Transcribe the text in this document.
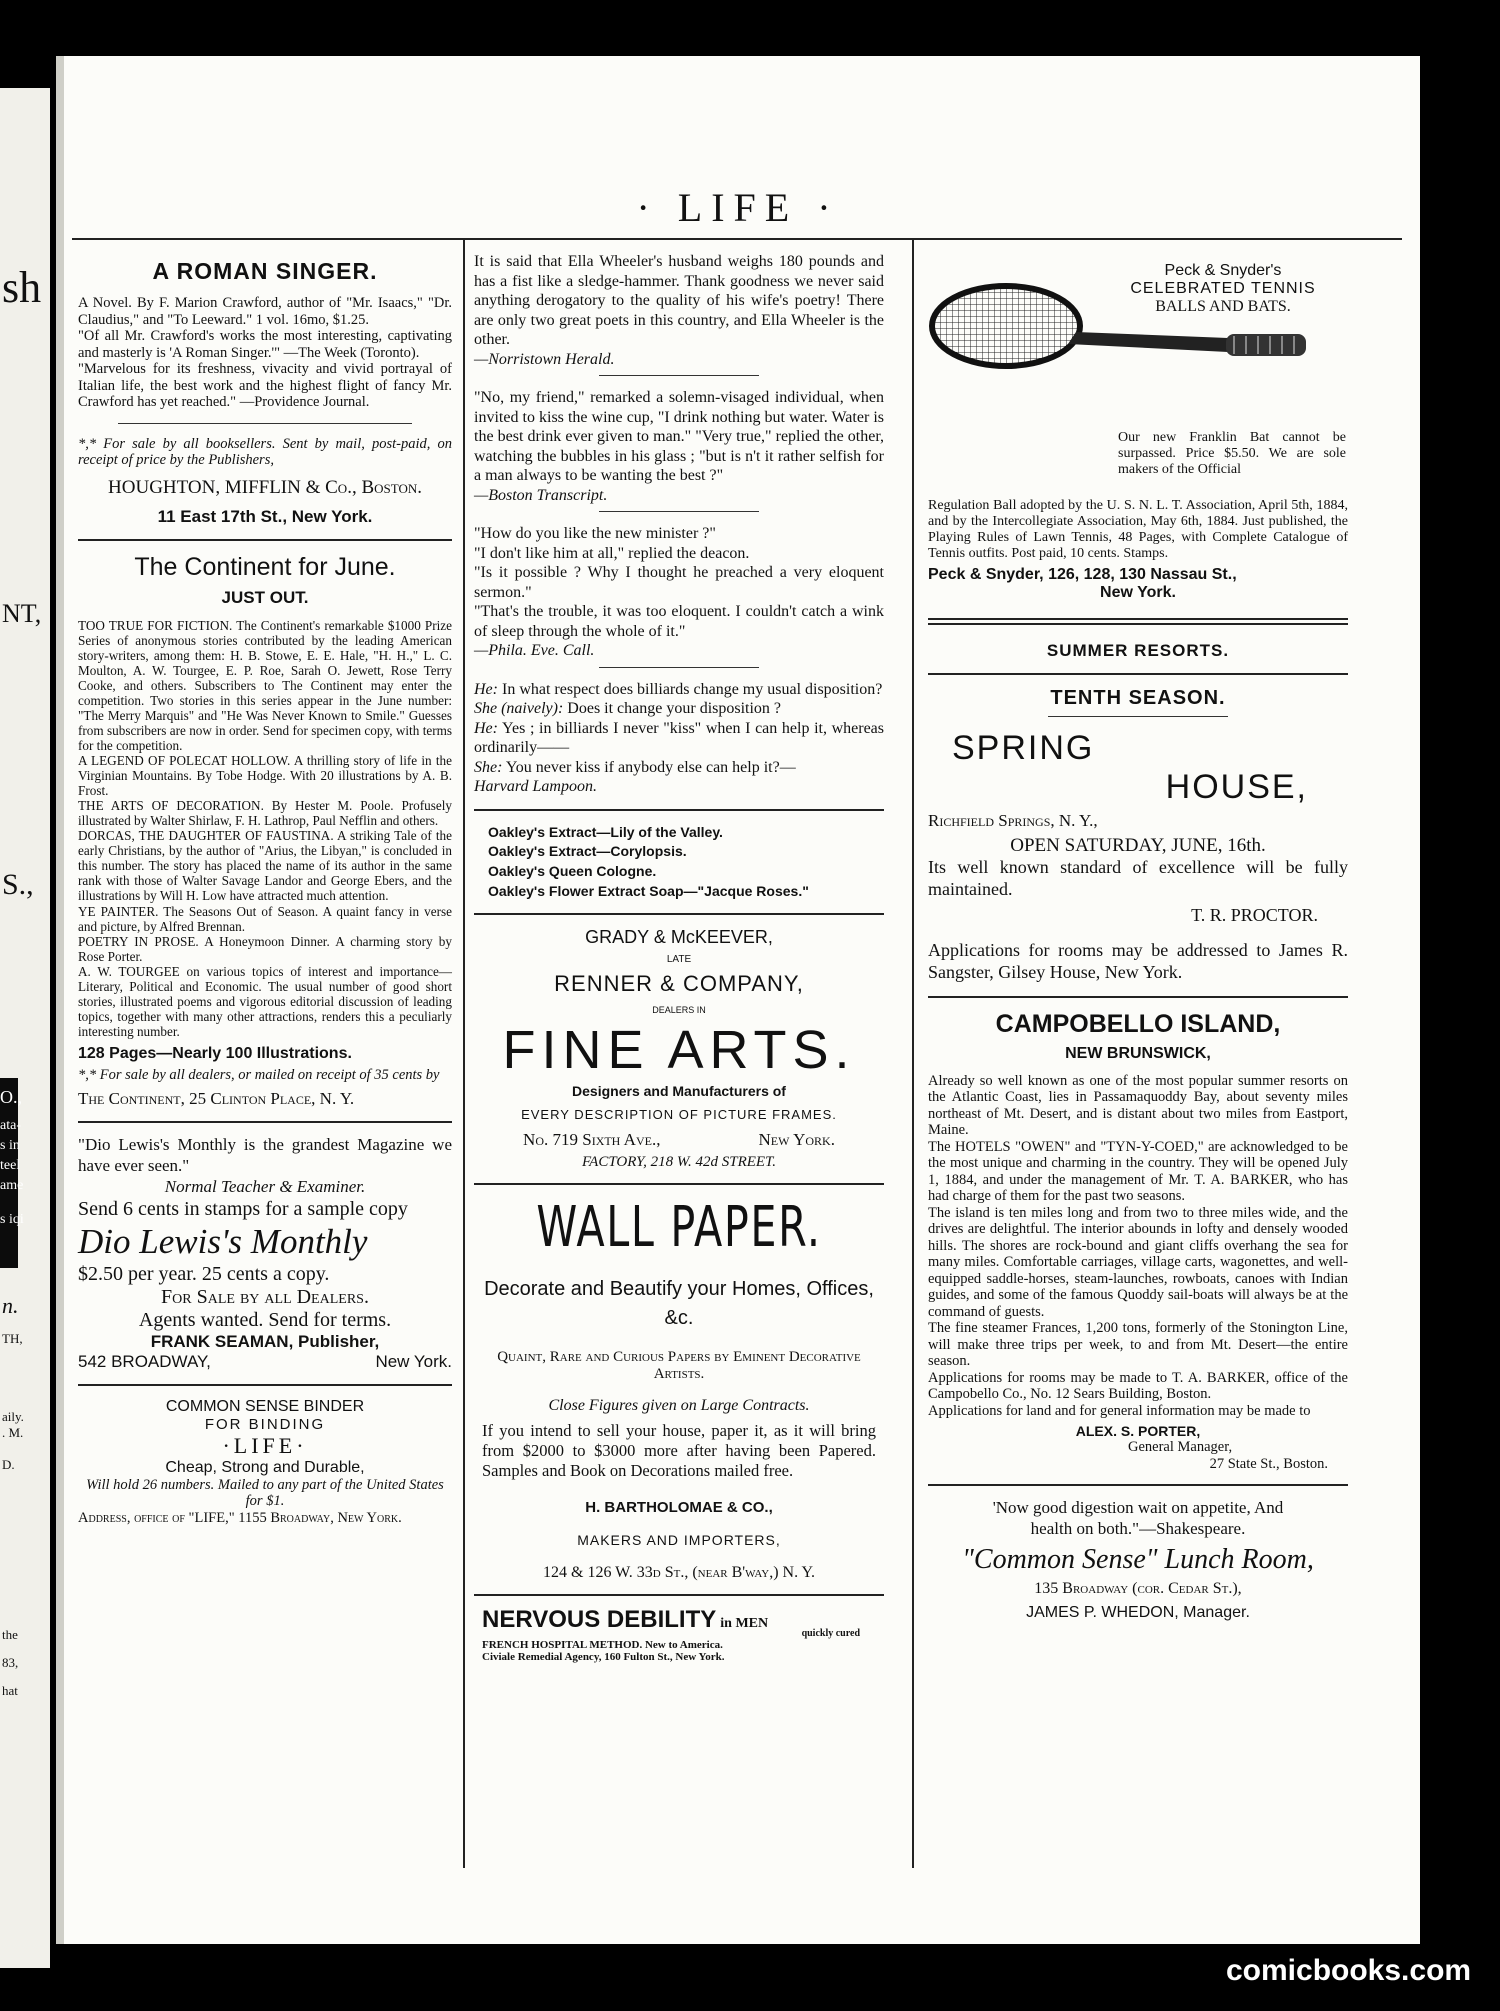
sh
NT,
S.,
O.,
ata-
s in
teel
ame
s iqi
n.
TH,
aily.
. M.
D.
the
83,
hat
· LIFE ·

A ROMAN SINGER.

A Novel. By F. Marion Crawford, author of "Mr. Isaacs," "Dr. Claudius," and "To Leeward." 1 vol. 16mo, $1.25.

"Of all Mr. Crawford's works the most interesting, captivating and masterly is 'A Roman Singer.'" —The Week (Toronto).

"Marvelous for its freshness, vivacity and vivid portrayal of Italian life, the best work and the highest flight of fancy Mr. Crawford has yet reached." —Providence Journal.

*,* For sale by all booksellers. Sent by mail, post-paid, on receipt of price by the Publishers,

HOUGHTON, MIFFLIN & Co., Boston.

11 East 17th St., New York.

The Continent for June.

JUST OUT.

TOO TRUE FOR FICTION. The Continent's remarkable $1000 Prize Series of anonymous stories contributed by the leading American story-writers, among them: H. B. Stowe, E. E. Hale, "H. H.," L. C. Moulton, A. W. Tourgee, E. P. Roe, Sarah O. Jewett, Rose Terry Cooke, and others. Subscribers to The Continent may enter the competition. Two stories in this series appear in the June number: "The Merry Marquis" and "He Was Never Known to Smile." Guesses from subscribers are now in order. Send for specimen copy, with terms for the competition.

A LEGEND OF POLECAT HOLLOW. A thrilling story of life in the Virginian Mountains. By Tobe Hodge. With 20 illustrations by A. B. Frost.

THE ARTS OF DECORATION. By Hester M. Poole. Profusely illustrated by Walter Shirlaw, F. H. Lathrop, Paul Nefflin and others.

DORCAS, THE DAUGHTER OF FAUSTINA. A striking Tale of the early Christians, by the author of "Arius, the Libyan," is concluded in this number. The story has placed the name of its author in the same rank with those of Walter Savage Landor and George Ebers, and the illustrations by Will H. Low have attracted much attention.

YE PAINTER. The Seasons Out of Season. A quaint fancy in verse and picture, by Alfred Brennan.

POETRY IN PROSE. A Honeymoon Dinner. A charming story by Rose Porter.

A. W. TOURGEE on various topics of interest and importance—Literary, Political and Economic. The usual number of good short stories, illustrated poems and vigorous editorial discussion of leading topics, together with many other attractions, renders this a peculiarly interesting number.

128 Pages—Nearly 100 Illustrations.

*,* For sale by all dealers, or mailed on receipt of 35 cents by

The Continent, 25 Clinton Place, N. Y.

"Dio Lewis's Monthly is the grandest Magazine we have ever seen."

Normal Teacher & Examiner.

Send 6 cents in stamps for a sample copy

Dio Lewis's Monthly

$2.50 per year. 25 cents a copy.

For Sale by all Dealers.

Agents wanted. Send for terms.

FRANK SEAMAN, Publisher,

542 BROADWAY,	New York.

COMMON SENSE BINDER

FOR BINDING

·LIFE·

Cheap, Strong and Durable,

Will hold 26 numbers. Mailed to any part of the United States for $1.

Address, office of "LIFE," 1155 Broadway, New York.

It is said that Ella Wheeler's husband weighs 180 pounds and has a fist like a sledge-hammer. Thank goodness we never said anything derogatory to the quality of his wife's poetry! There are only two great poets in this country, and Ella Wheeler is the other.

—Norristown Herald.

"No, my friend," remarked a solemn-visaged individual, when invited to kiss the wine cup, "I drink nothing but water. Water is the best drink ever given to man." "Very true," replied the other, watching the bubbles in his glass ; "but is n't it rather selfish for a man always to be wanting the best ?"

—Boston Transcript.

"How do you like the new minister ?"

"I don't like him at all," replied the deacon.

"Is it possible ? Why I thought he preached a very eloquent sermon."

"That's the trouble, it was too eloquent. I couldn't catch a wink of sleep through the whole of it."

—Phila. Eve. Call.

He: In what respect does billiards change my usual disposition?

She (naively): Does it change your disposition ?

He: Yes ; in billiards I never "kiss" when I can help it, whereas ordinarily——

She: You never kiss if anybody else can help it?—

Harvard Lampoon.

Oakley's Extract—Lily of the Valley.

Oakley's Extract—Corylopsis.

Oakley's Queen Cologne.

Oakley's Flower Extract Soap—"Jacque Roses."

GRADY & McKEEVER,

LATE

RENNER & COMPANY,

DEALERS IN

FINE ARTS.

Designers and Manufacturers of

EVERY DESCRIPTION OF PICTURE FRAMES.

No. 719 Sixth Ave.,	New York.

FACTORY, 218 W. 42d STREET.

WALL PAPER.

Decorate and Beautify your Homes, Offices, &c.

Quaint, Rare and Curious Papers by Eminent Decorative Artists.

Close Figures given on Large Contracts.

If you intend to sell your house, paper it, as it will bring from $2000 to $3000 more after having been Papered. Samples and Book on Decorations mailed free.

H. BARTHOLOMAE & CO.,

MAKERS AND IMPORTERS,

124 & 126 W. 33d St., (near B'way,) N. Y.

NERVOUS DEBILITY in MEN

quickly cured

FRENCH HOSPITAL METHOD. New to America.

Civiale Remedial Agency, 160 Fulton St., New York.

Peck & Snyder's

CELEBRATED TENNIS

BALLS AND BATS.

Our new Franklin Bat cannot be surpassed. Price $5.50. We are sole makers of the Official

Regulation Ball adopted by the U. S. N. L. T. Association, April 5th, 1884, and by the Intercollegiate Association, May 6th, 1884. Just published, the Playing Rules of Lawn Tennis, 48 Pages, with Complete Catalogue of Tennis outfits. Post paid, 10 cents. Stamps.

Peck & Snyder, 126, 128, 130 Nassau St.,

New York.

SUMMER RESORTS.

TENTH SEASON.

SPRING

HOUSE,

Richfield Springs, N. Y.,

OPEN SATURDAY, JUNE, 16th.

Its well known standard of excellence will be fully maintained.

T. R. PROCTOR.

Applications for rooms may be addressed to James R. Sangster, Gilsey House, New York.

CAMPOBELLO ISLAND,

NEW BRUNSWICK,

Already so well known as one of the most popular summer resorts on the Atlantic Coast, lies in Passamaquoddy Bay, about seventy miles northeast of Mt. Desert, and is distant about two miles from Eastport, Maine.

The HOTELS "OWEN" and "TYN-Y-COED," are acknowledged to be the most unique and charming in the country. They will be opened July 1, 1884, and under the management of Mr. T. A. BARKER, who has had charge of them for the past two seasons.

The island is ten miles long and from two to three miles wide, and the drives are delightful. The interior abounds in lofty and densely wooded hills. The shores are rock-bound and giant cliffs overhang the sea for many miles. Comfortable carriages, village carts, wagonettes, and well-equipped saddle-horses, steam-launches, rowboats, canoes with Indian guides, and some of the famous Quoddy sail-boats will always be at the command of guests.

The fine steamer Frances, 1,200 tons, formerly of the Stonington Line, will make three trips per week, to and from Mt. Desert—the entire season.

Applications for rooms may be made to T. A. BARKER, office of the Campobello Co., No. 12 Sears Building, Boston.

Applications for land and for general information may be made to

ALEX. S. PORTER,

General Manager,

27 State St., Boston.

'Now good digestion wait on appetite, And health on both."—Shakespeare.

"Common Sense" Lunch Room,

135 Broadway (cor. Cedar St.),

JAMES P. WHEDON, Manager.

comicbooks.com
